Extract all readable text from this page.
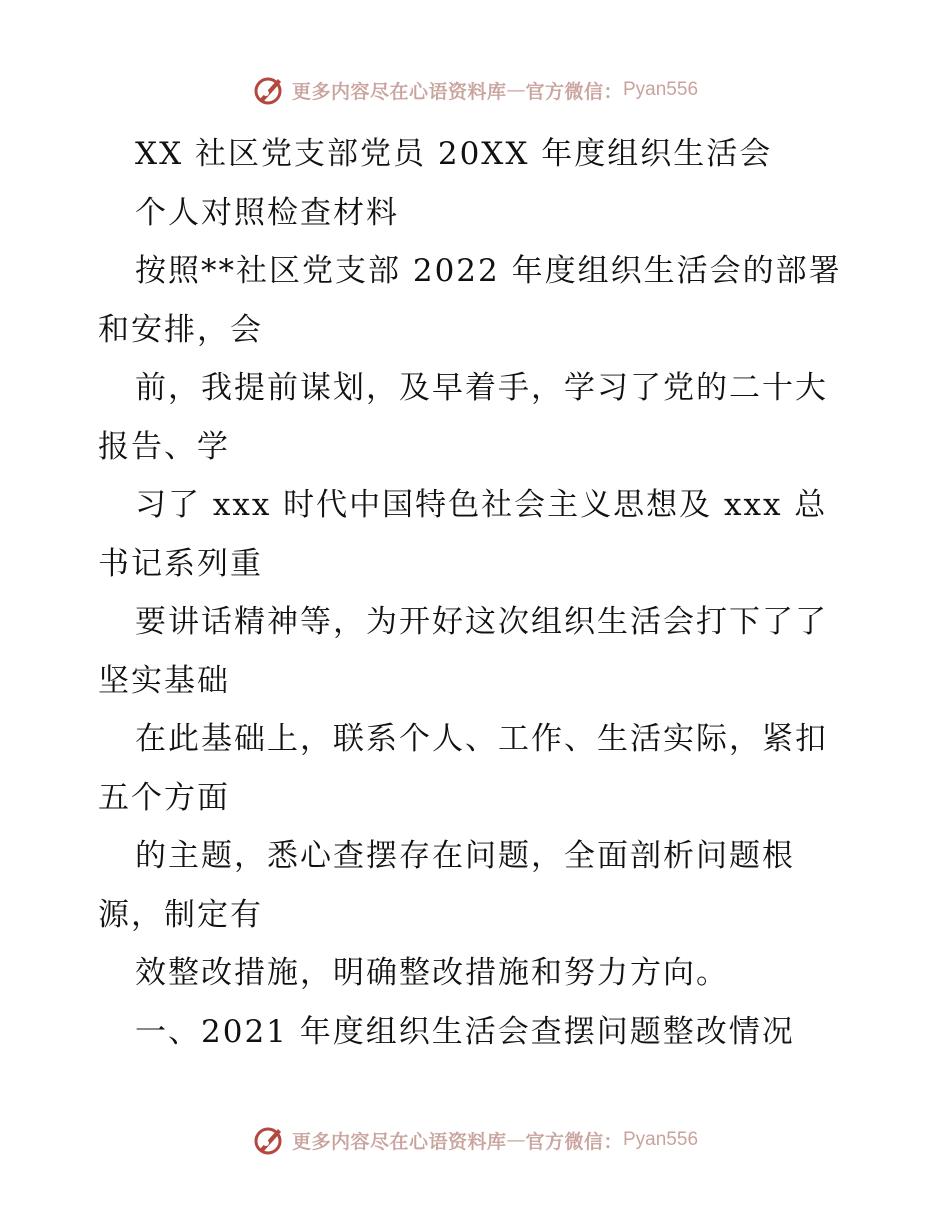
更多内容尽在心语资料库 — 官方微信： Pyan556
XX 社区党支部党员 20XX 年度组织生活会
个人对照检查材料
按照**社区党支部 2022 年度组织生活会的部署
和安排，会
前，我提前谋划，及早着手，学习了党的二十大
报告、学
习了 xxx 时代中国特色社会主义思想及 xxx 总
书记系列重
要讲话精神等，为开好这次组织生活会打下了了
坚实基础
在此基础上，联系个人、工作、生活实际，紧扣
五个方面
的主题，悉心查摆存在问题，全面剖析问题根
源，制定有
效整改措施，明确整改措施和努力方向。
一、2021 年度组织生活会查摆问题整改情况
更多内容尽在心语资料库 — 官方微信： Pyan556
